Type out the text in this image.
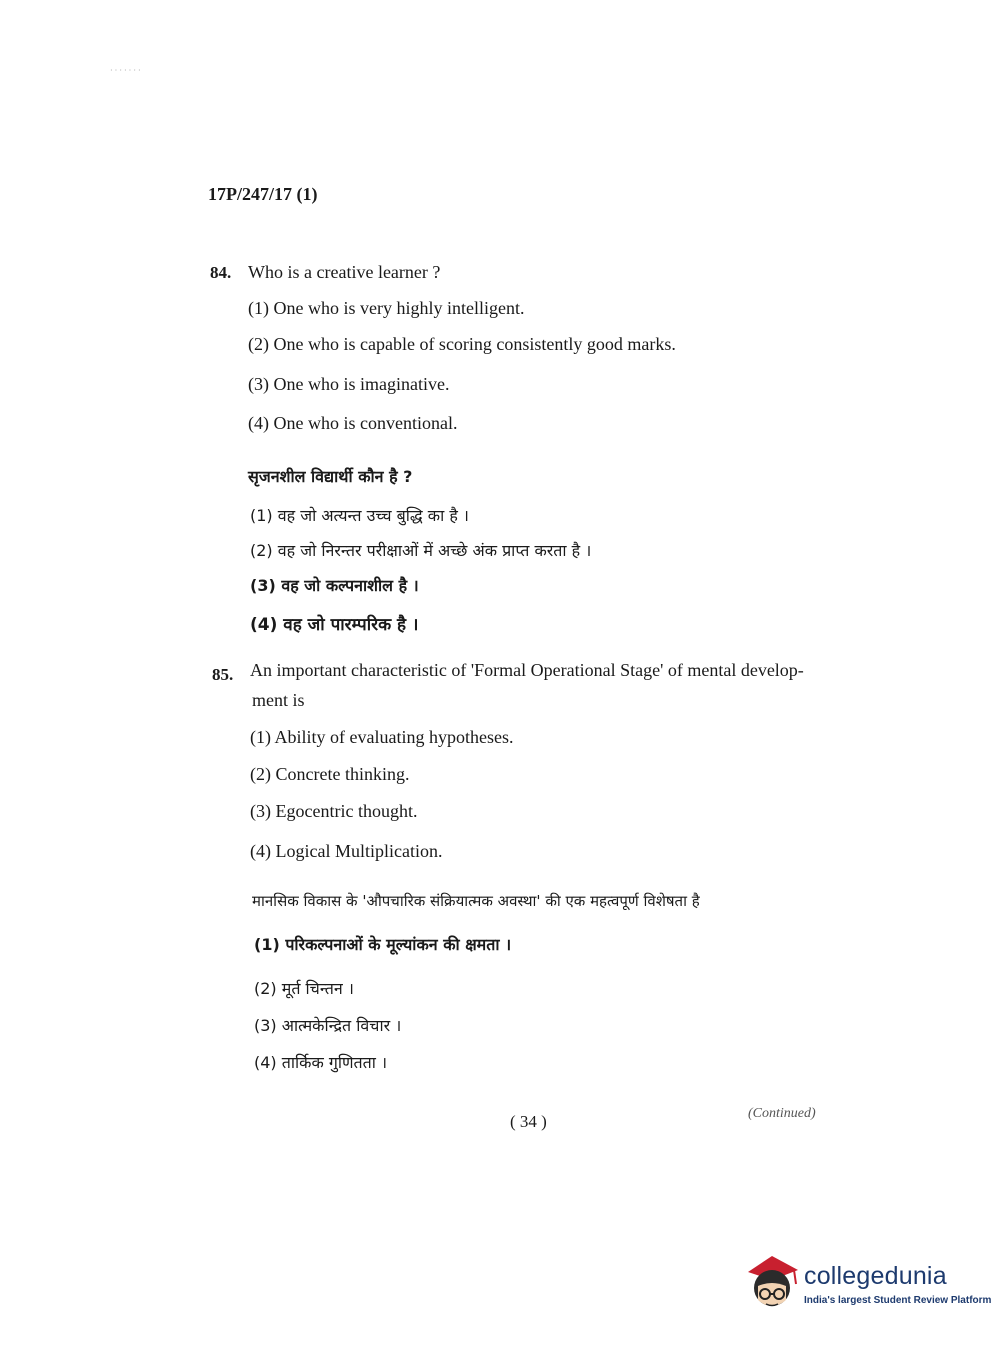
· · · · · · ·
17P/247/17 (1)
84. Who is a creative learner ?
(1) One who is very highly intelligent.
(2) One who is capable of scoring consistently good marks.
(3) One who is imaginative.
(4) One who is conventional.
सृजनशील विद्यार्थी कौन है ?
(1) वह जो अत्यन्त उच्च बुद्धि का है ।
(2) वह जो निरन्तर परीक्षाओं में अच्छे अंक प्राप्त करता है ।
(3) वह जो कल्पनाशील है ।
(4) वह जो पारम्परिक है ।
85. An important characteristic of 'Formal Operational Stage' of mental develop-
ment is
(1) Ability of evaluating hypotheses.
(2) Concrete thinking.
(3) Egocentric thought.
(4) Logical Multiplication.
मानसिक विकास के 'औपचारिक संक्रियात्मक अवस्था' की एक महत्वपूर्ण विशेषता है
(1) परिकल्पनाओं के मूल्यांकन की क्षमता ।
(2) मूर्त चिन्तन ।
(3) आत्मकेन्द्रित विचार ।
(4) तार्किक गुणितता ।
( 34 )	(Continued)
collegedunia
India's largest Student Review Platform
